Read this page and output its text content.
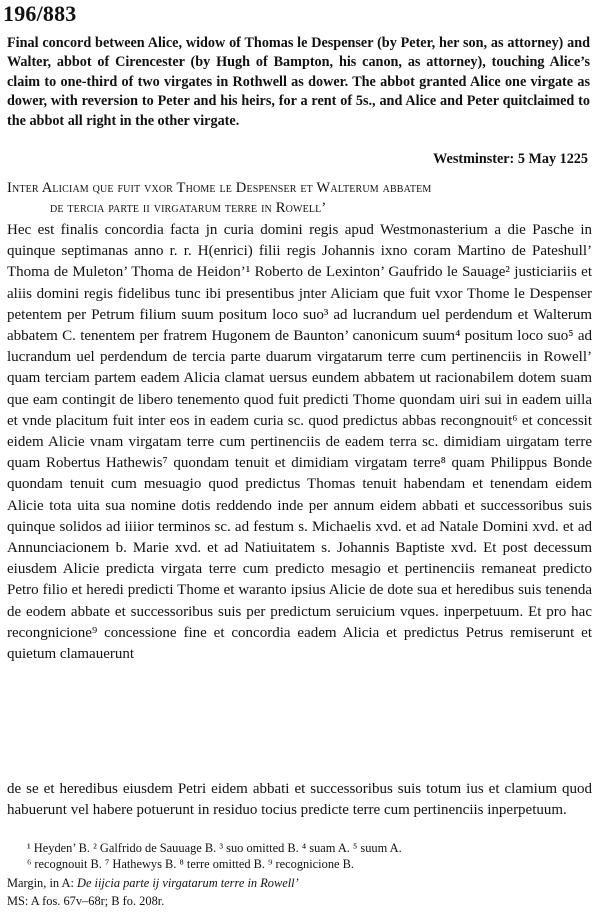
196/883

Final concord between Alice, widow of Thomas le Despenser (by Peter, her son, as attorney) and Walter, abbot of Cirencester (by Hugh of Bampton, his canon, as attorney), touching Alice’s claim to one-third of two virgates in Rothwell as dower. The abbot granted Alice one virgate as dower, with reversion to Peter and his heirs, for a rent of 5s., and Alice and Peter quitclaimed to the abbot all right in the other virgate.

Westminster: 5 May 1225
Inter Aliciam que fuit vxor Thome le Despenser et Walterum abbatem
de tercia parte ii virgatarum terre in Rowell’

Hec est finalis concordia facta jn curia domini regis apud Westmonasterium a die Pasche in quinque septimanas anno r. r. H(enrici) filii regis Johannis ixno coram Martino de Pateshull’ Thoma de Muleton’ Thoma de Heidon’¹ Roberto de Lexinton’ Gaufrido le Sauage² justiciariis et aliis domini regis fidelibus tunc ibi presentibus jnter Aliciam que fuit vxor Thome le Despenser petentem per Petrum filium suum positum loco suo³ ad lucrandum uel perdendum et Walterum abbatem C. tenentem per fratrem Hugonem de Baunton’ canonicum suum⁴ positum loco suo⁵ ad lucrandum uel perdendum de tercia parte duarum virgatarum terre cum pertinenciis in Rowell’ quam terciam partem eadem Alicia clamat uersus eundem abbatem ut racionabilem dotem suam que eam contingit de libero tenemento quod fuit predicti Thome quondam uiri sui in eadem uilla et vnde placitum fuit inter eos in eadem curia sc. quod predictus abbas recongnouit⁶ et concessit eidem Alicie vnam virgatam terre cum pertinenciis de eadem terra sc. dimidiam uirgatam terre quam Robertus Hathewis⁷ quondam tenuit et dimidiam virgatam terre⁸ quam Philippus Bonde quondam tenuit cum mesuagio quod predictus Thomas tenuit habendam et tenendam eidem Alicie tota uita sua nomine dotis reddendo inde per annum eidem abbati et successoribus suis quinque solidos ad iiiior terminos sc. ad festum s. Michaelis xvd. et ad Natale Domini xvd. et ad Annunciacionem b. Marie xvd. et ad Natiuitatem s. Johannis Baptiste xvd. Et post decessum eiusdem Alicie predicta virgata terre cum predicto mesagio et pertinenciis remaneat predicto Petro filio et heredi predicti Thome et waranto ipsius Alicie de dote sua et heredibus suis tenenda de eodem abbate et successoribus suis per predictum seruicium vques. inperpetuum. Et pro hac recongnicione⁹ concessione fine et concordia eadem Alicia et predictus Petrus remiserunt et quietum clamauerunt

de se et heredibus eiusdem Petri eidem abbati et successoribus suis totum ius et clamium quod habuerunt vel habere potuerunt in residuo tocius predicte terre cum pertinenciis inperpetuum.

¹ Heyden’ B. ² Galfrido de Sauuage B. ³ suo omitted B. ⁴ suam A. ⁵ suum A.
⁶ recognouit B. ⁷ Hathewys B. ⁸ terre omitted B. ⁹ recognicione B.
Margin, in A: De iijcia parte ij virgatarum terre in Rowell’
MS: A fos. 67v–68r; B fo. 208r.
